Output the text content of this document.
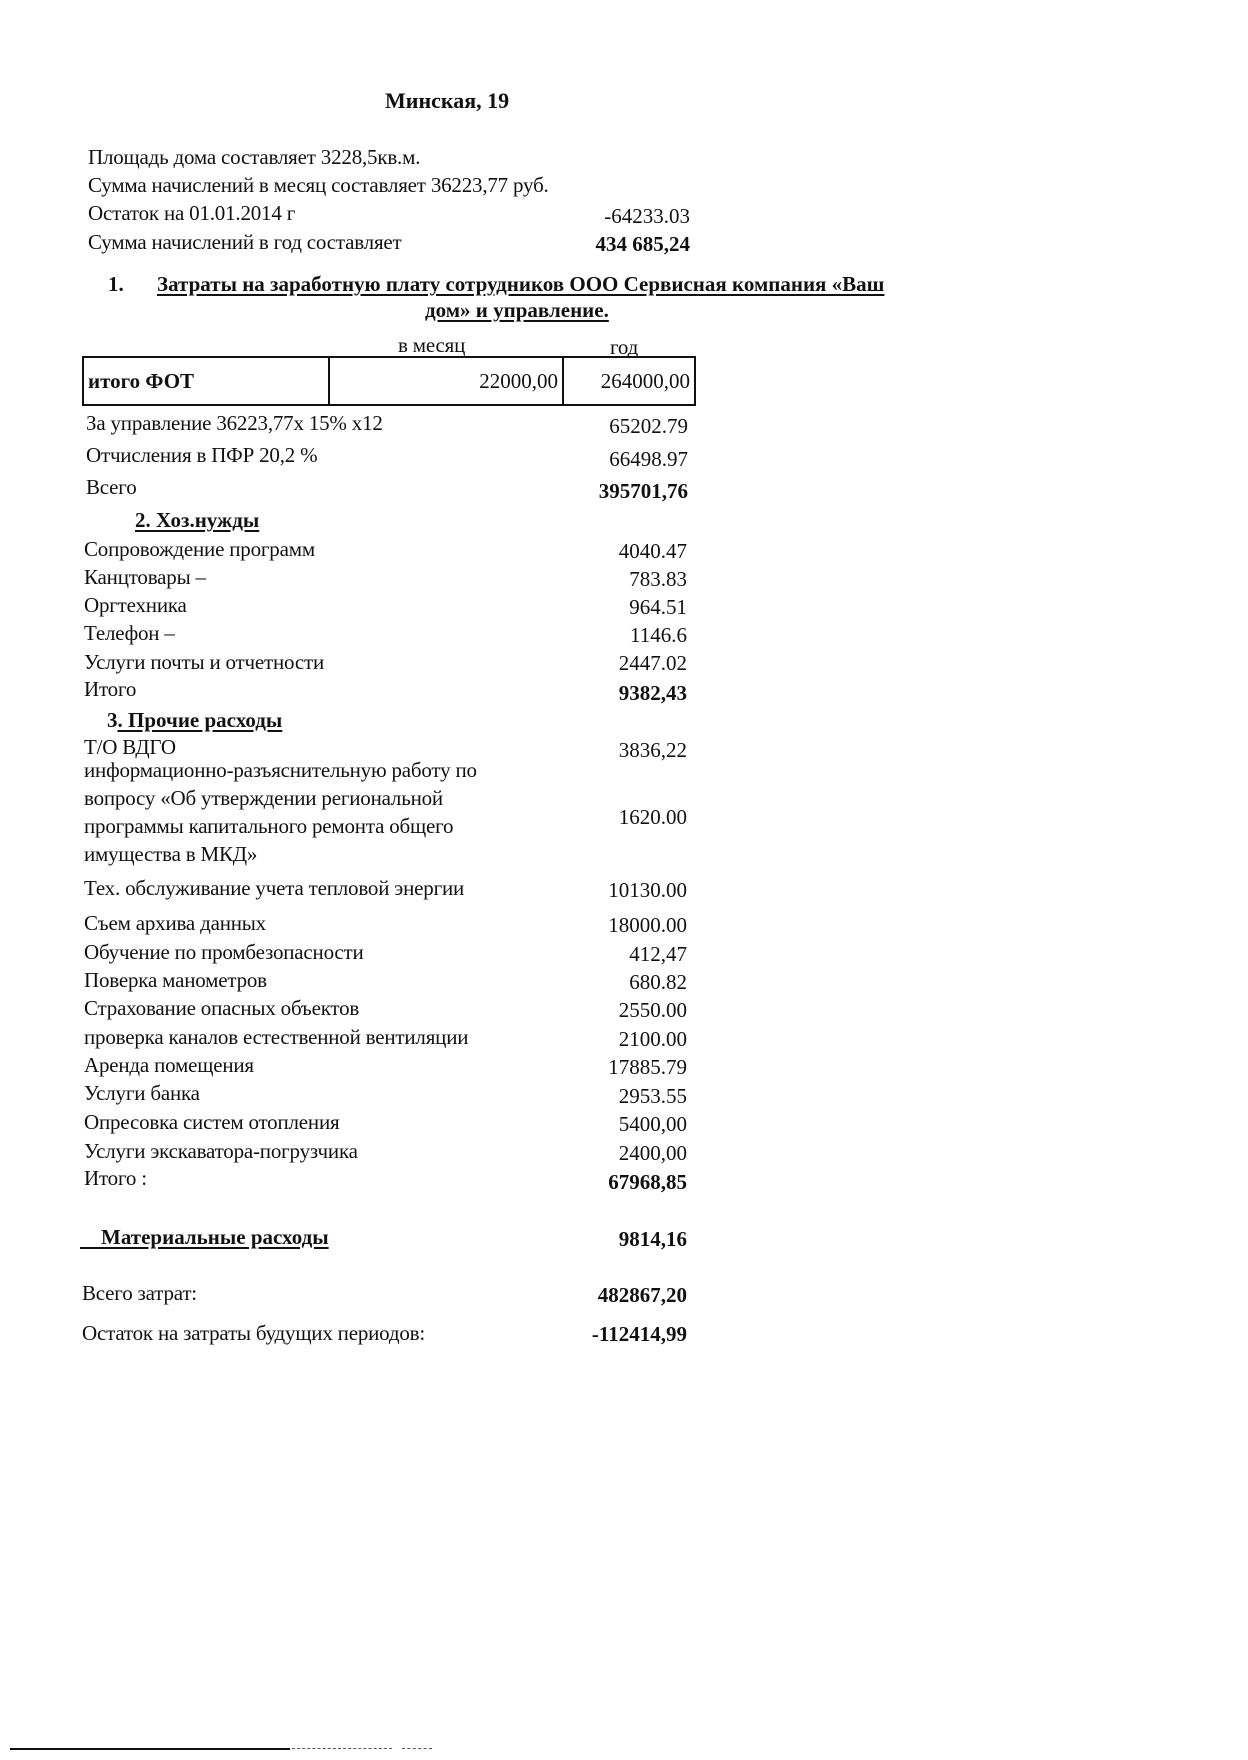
Минская, 19
Площадь дома составляет 3228,5кв.м.
Сумма начислений в месяц составляет 36223,77 руб.
Остаток на 01.01.2014 г	-64233.03
Сумма начислений в год составляет	434 685,24
1. Затраты на заработную плату сотрудников ООО Сервисная компания «Ваш
дом» и управление.
в месяц	год
итого ФОТ	22000,00	264000,00
За управление 36223,77х 15% х12	65202.79
Отчисления в ПФР 20,2 %	66498.97
Всего	395701,76
2. Хоз.нужды
Сопровождение программ	4040.47
Канцтовары –	783.83
Оргтехника	964.51
Телефон –	1146.6
Услуги почты и отчетности	2447.02
Итого	9382,43
3. Прочие расходы
Т/О ВДГО	3836,22
информационно-разъяснительную работу по
вопросу «Об утверждении региональной
программы капитального ремонта общего	1620.00
имущества в МКД»
Тех. обслуживание учета тепловой энергии	10130.00
Съем архива данных	18000.00
Обучение по промбезопасности	412,47
Поверка манометров	680.82
Страхование опасных объектов	2550.00
проверка каналов естественной вентиляции	2100.00
Аренда помещения	17885.79
Услуги банка	2953.55
Опресовка систем отопления	5400,00
Услуги экскаватора-погрузчика	2400,00
Итого :	67968,85
Материальные расходы	9814,16
Всего затрат:	482867,20
Остаток на затраты будущих периодов:	-112414,99
